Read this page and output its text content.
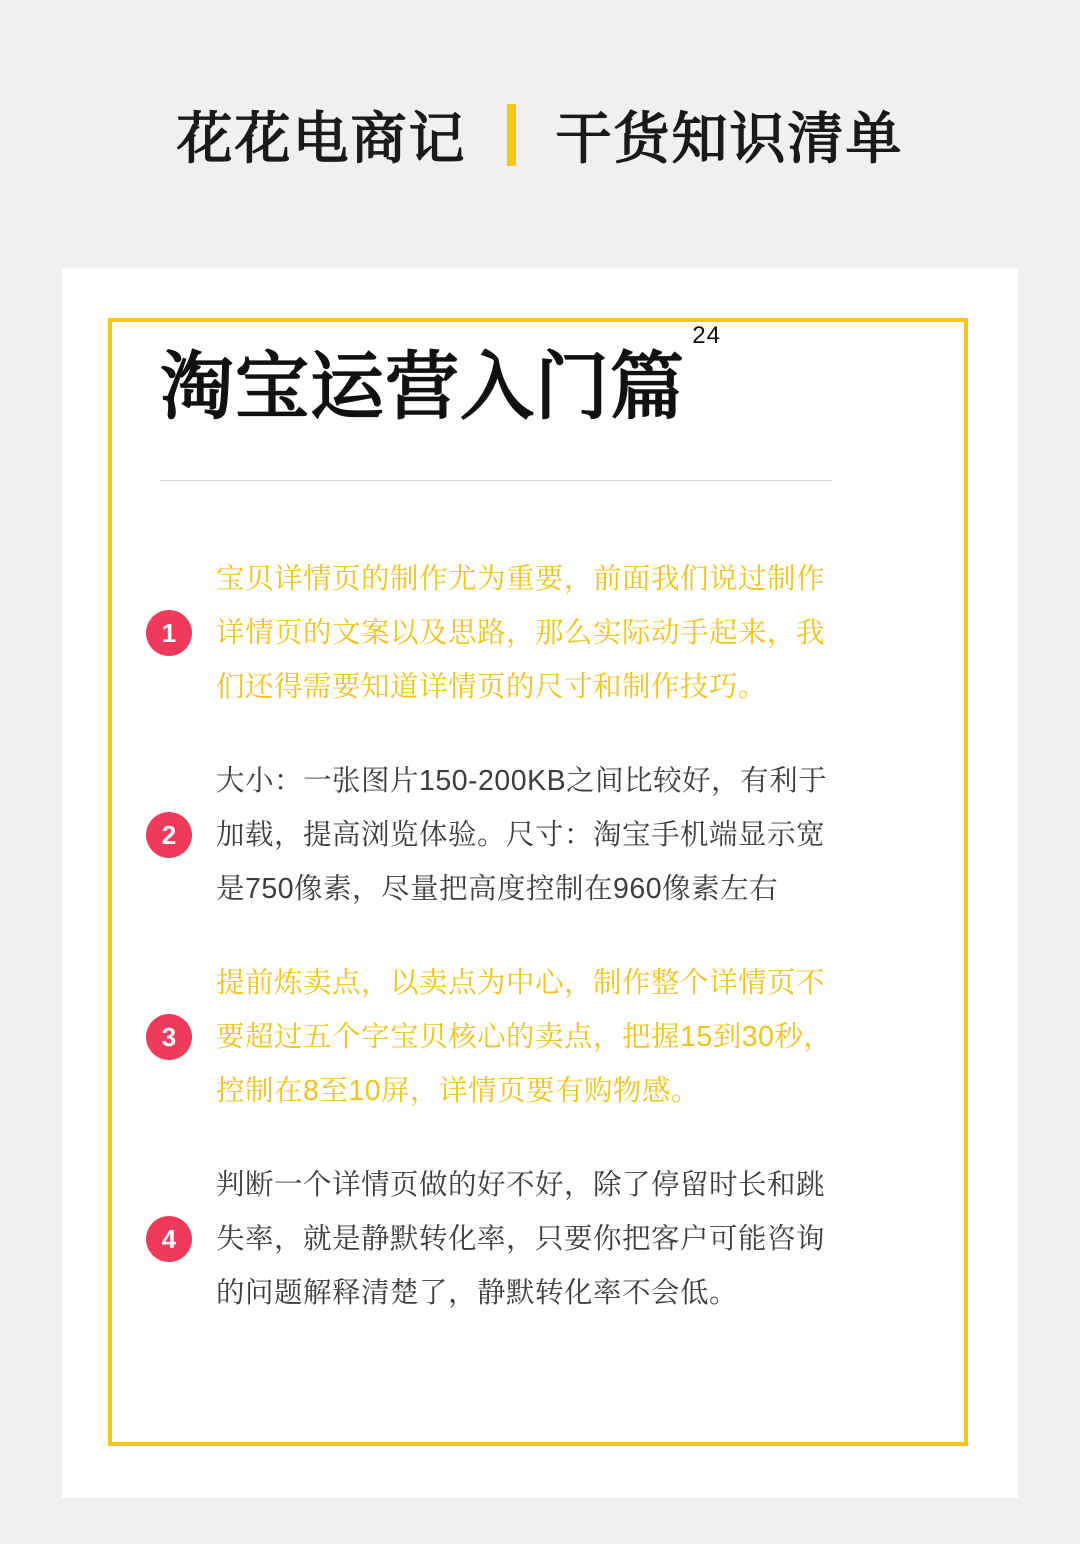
花花电商记 干货知识清单
淘宝运营入门篇
24
1
宝贝详情页的制作尤为重要，前面我们说过制作详情页的文案以及思路，那么实际动手起来，我们还得需要知道详情页的尺寸和制作技巧。
2
大小：一张图片150-200KB之间比较好，有利于加载，提高浏览体验。尺寸：淘宝手机端显示宽是750像素，尽量把高度控制在960像素左右
3
提前炼卖点，以卖点为中心，制作整个详情页不要超过五个字宝贝核心的卖点，把握15到30秒，控制在8至10屏，详情页要有购物感。
4
判断一个详情页做的好不好，除了停留时长和跳失率，就是静默转化率，只要你把客户可能咨询的问题解释清楚了，静默转化率不会低。
